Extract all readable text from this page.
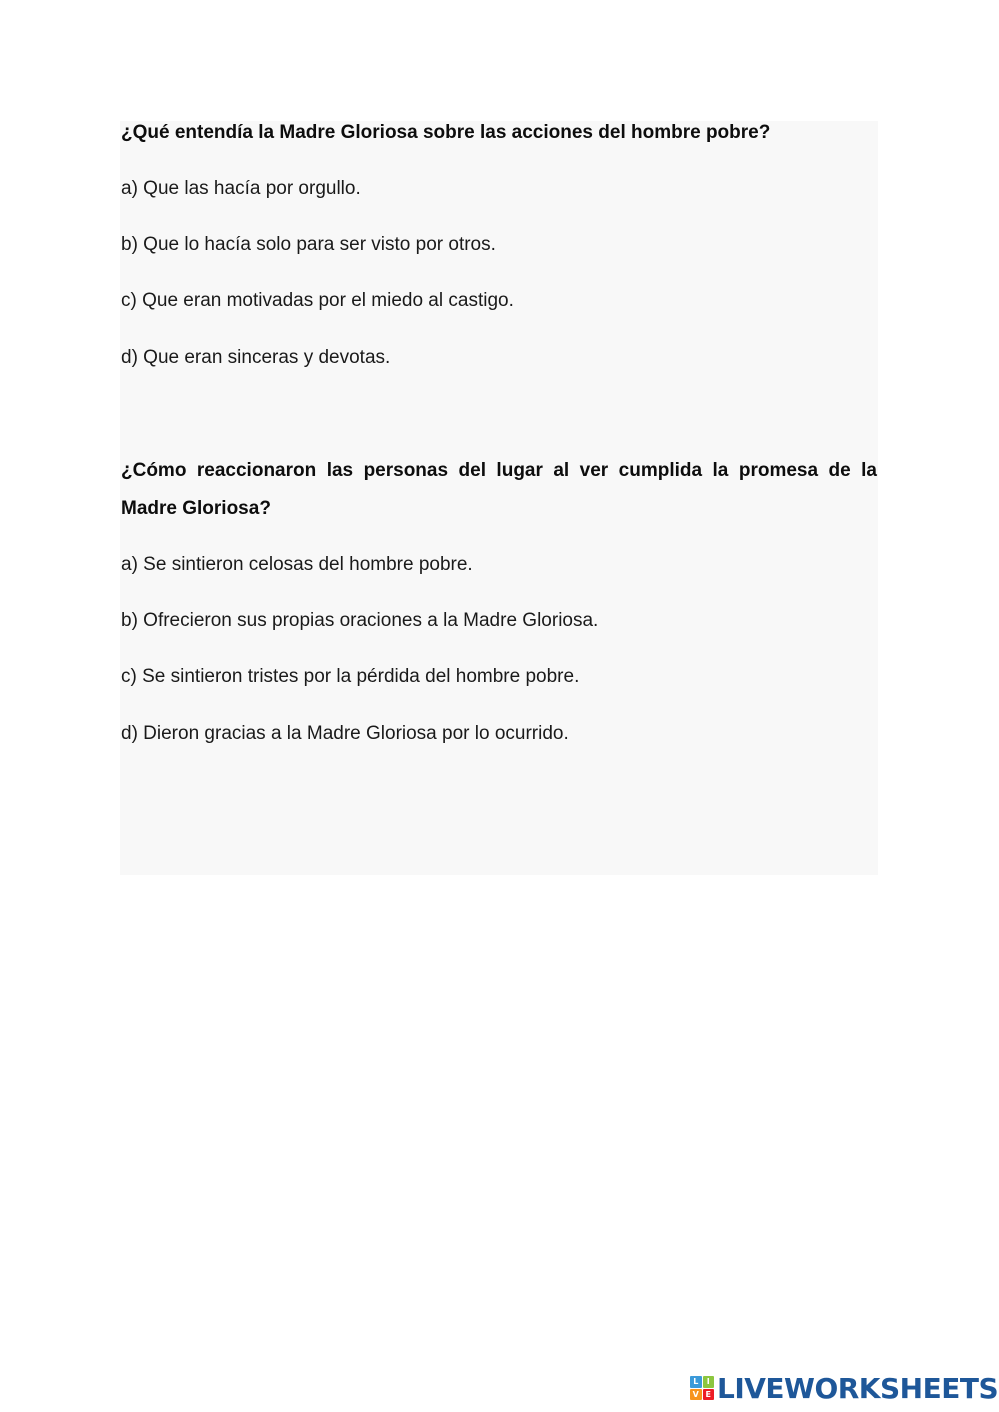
¿Qué entendía la Madre Gloriosa sobre las acciones del hombre pobre?
a) Que las hacía por orgullo.
b) Que lo hacía solo para ser visto por otros.
c) Que eran motivadas por el miedo al castigo.
d) Que eran sinceras y devotas.
¿Cómo reaccionaron las personas del lugar al ver cumplida la promesa de la
Madre Gloriosa?
a) Se sintieron celosas del hombre pobre.
b) Ofrecieron sus propias oraciones a la Madre Gloriosa.
c) Se sintieron tristes por la pérdida del hombre pobre.
d) Dieron gracias a la Madre Gloriosa por lo ocurrido.
L	I
V E LIVEWORKSHEETS
